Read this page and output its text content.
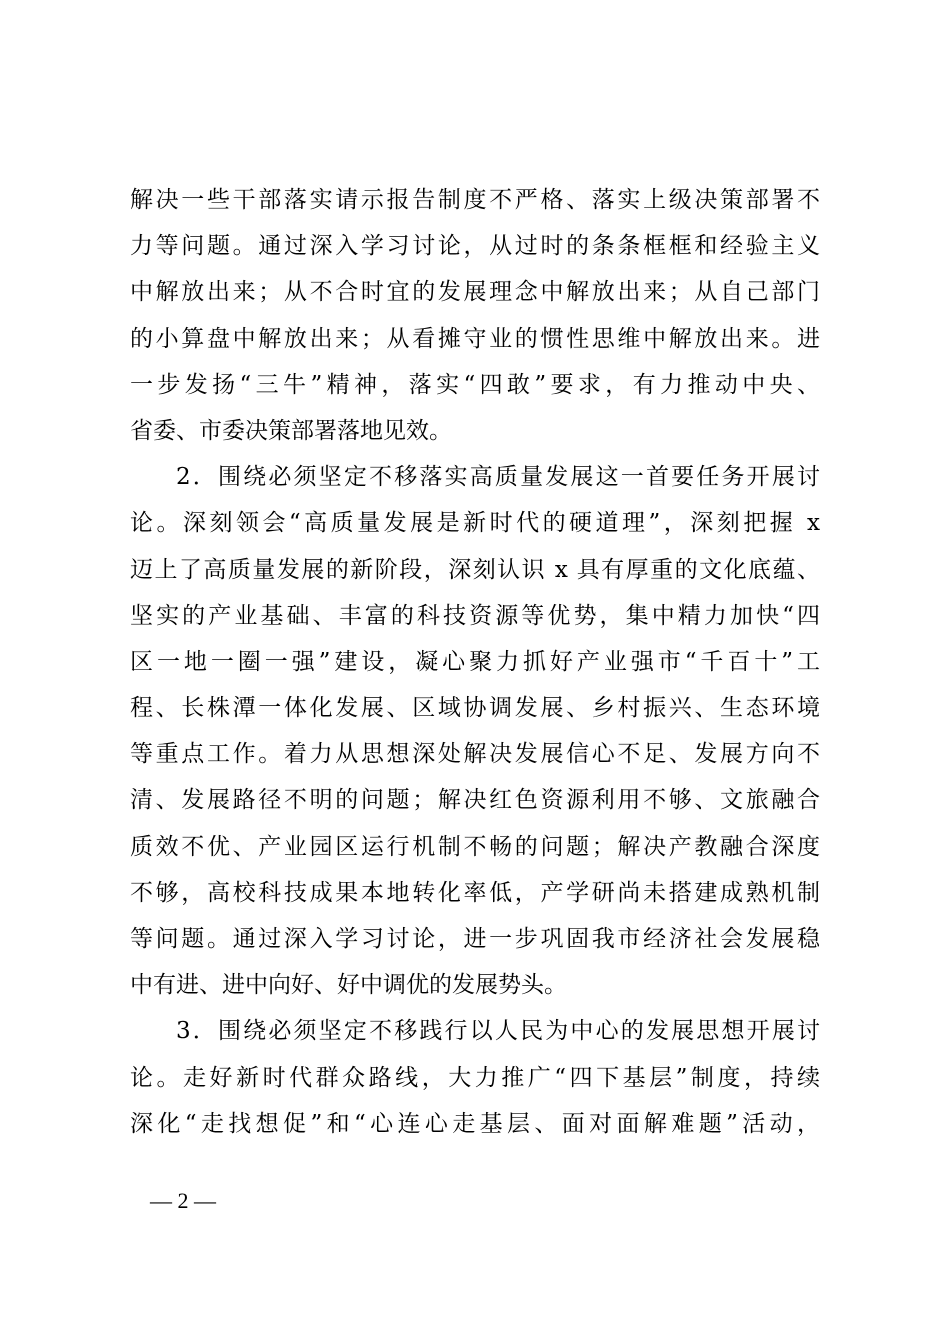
解决一些干部落实请示报告制度不严格、落实上级决策部署不
力等问题。通过深入学习讨论，从过时的条条框框和经验主义
中解放出来；从不合时宜的发展理念中解放出来；从自己部门
的小算盘中解放出来；从看摊守业的惯性思维中解放出来。进
一步发扬“三牛”精神，落实“四敢”要求，有力推动中央、
省委、市委决策部署落地见效。
2．围绕必须坚定不移落实高质量发展这一首要任务开展讨
论。深刻领会“高质量发展是新时代的硬道理”，深刻把握 x
迈上了高质量发展的新阶段，深刻认识 x 具有厚重的文化底蕴、
坚实的产业基础、丰富的科技资源等优势，集中精力加快“四
区一地一圈一强”建设，凝心聚力抓好产业强市“千百十”工
程、长株潭一体化发展、区域协调发展、乡村振兴、生态环境
等重点工作。着力从思想深处解决发展信心不足、发展方向不
清、发展路径不明的问题；解决红色资源利用不够、文旅融合
质效不优、产业园区运行机制不畅的问题；解决产教融合深度
不够，高校科技成果本地转化率低，产学研尚未搭建成熟机制
等问题。通过深入学习讨论，进一步巩固我市经济社会发展稳
中有进、进中向好、好中调优的发展势头。
3．围绕必须坚定不移践行以人民为中心的发展思想开展讨
论。走好新时代群众路线，大力推广“四下基层”制度，持续
深化“走找想促”和“心连心走基层、面对面解难题”活动，
— 2 —
